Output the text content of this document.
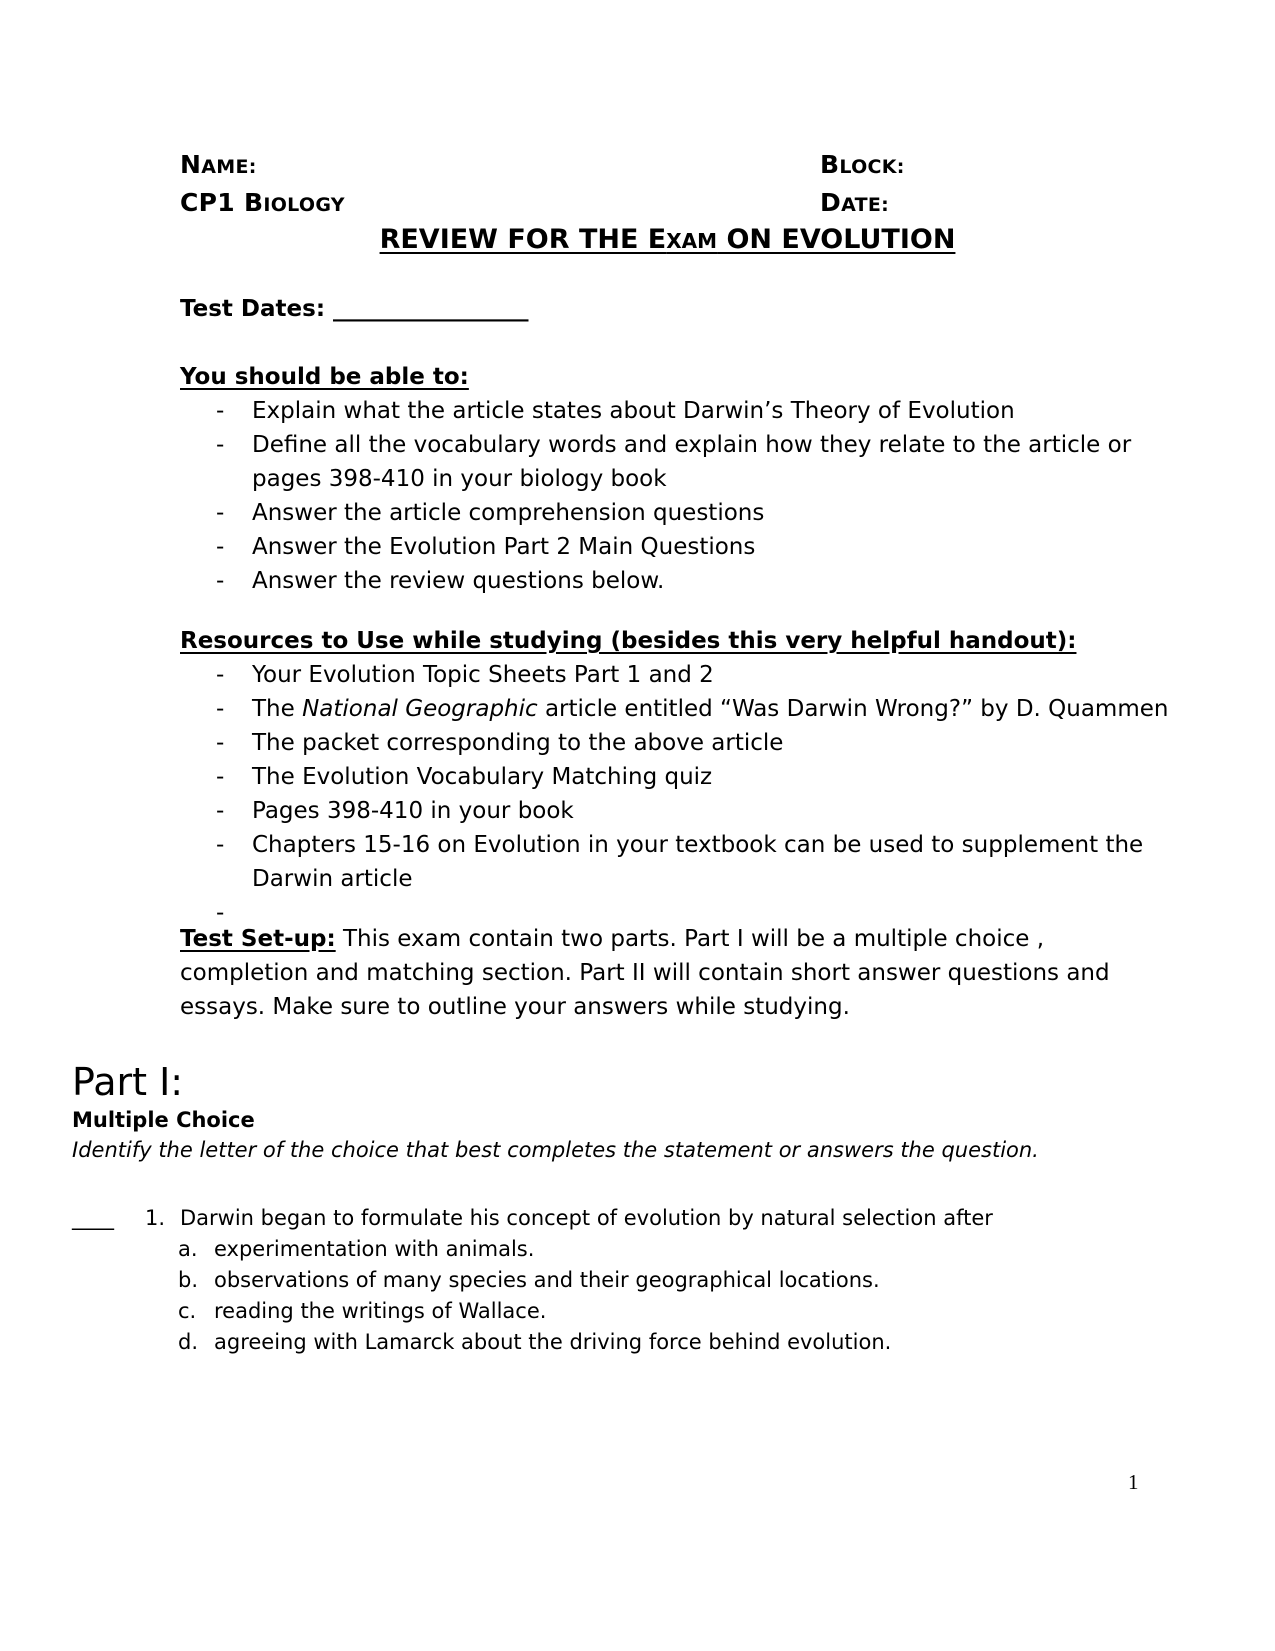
NAME:	BLOCK:
CP1 BIOLOGY	DATE:
REVIEW FOR THE EXAM ON EVOLUTION
Test Dates: _________________
You should be able to:
- Explain what the article states about Darwin’s Theory of Evolution
- Define all the vocabulary words and explain how they relate to the article or
pages 398-410 in your biology book
- Answer the article comprehension questions
- Answer the Evolution Part 2 Main Questions
- Answer the review questions below.
Resources to Use while studying (besides this very helpful handout):
- Your Evolution Topic Sheets Part 1 and 2
- The National Geographic article entitled “Was Darwin Wrong?” by D. Quammen
- The packet corresponding to the above article
- The Evolution Vocabulary Matching quiz
- Pages 398-410 in your book
- Chapters 15-16 on Evolution in your textbook can be used to supplement the
Darwin article
-
Test Set-up: This exam contain two parts. Part I will be a multiple choice , completion and matching section. Part II will contain short answer questions and essays. Make sure to outline your answers while studying.
Part I:
Multiple Choice
Identify the letter of the choice that best completes the statement or answers the question.
____ 1. Darwin began to formulate his concept of evolution by natural selection after
a. experimentation with animals.
b. observations of many species and their geographical locations.
c. reading the writings of Wallace.
d. agreeing with Lamarck about the driving force behind evolution.
1
